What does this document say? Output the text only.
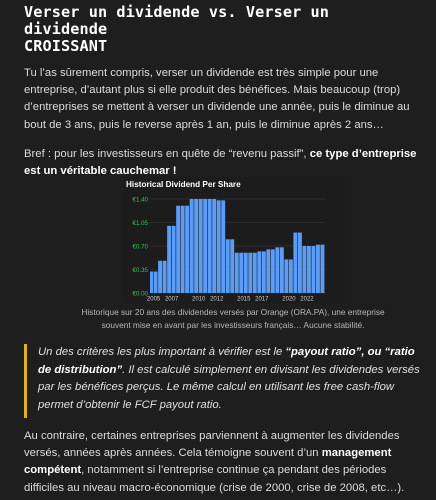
Verser un dividende vs. Verser un dividende
CROISSANT

Tu l’as sûrement compris, verser un dividende est très simple pour une entreprise, d’autant plus si elle produit des bénéfices. Mais beaucoup (trop) d’entreprises se mettent à verser un dividende une année, puis le diminue au bout de 3 ans, puis le reverse après 1 an, puis le diminue après 2 ans…

Bref : pour les investisseurs en quête de “revenu passif”, ce type d’entreprise est un véritable cauchemar !

Historical Dividend Per Share
€0.00
€0.35
€0.70
€1.05
€1.40
2005 2007 2010 2012 2015 2017 2020 2022

Historique sur 20 ans des dividendes versés par Orange (ORA.PA), une entreprise souvent mise en avant par les investisseurs français… Aucune stabilité.

Un des critères les plus important à vérifier est le “payout ratio”, ou “ratio de distribution”. Il est calculé simplement en divisant les dividendes versés par les bénéfices perçus. Le même calcul en utilisant les free cash-flow permet d’obtenir le FCF payout ratio.

Au contraire, certaines entreprises parviennent à augmenter les dividendes versés, années après années. Cela témoigne souvent d’un management compétent, notamment si l’entreprise continue ça pendant des périodes difficiles au niveau macro-économique (crise de 2000, crise de 2008, etc…).
